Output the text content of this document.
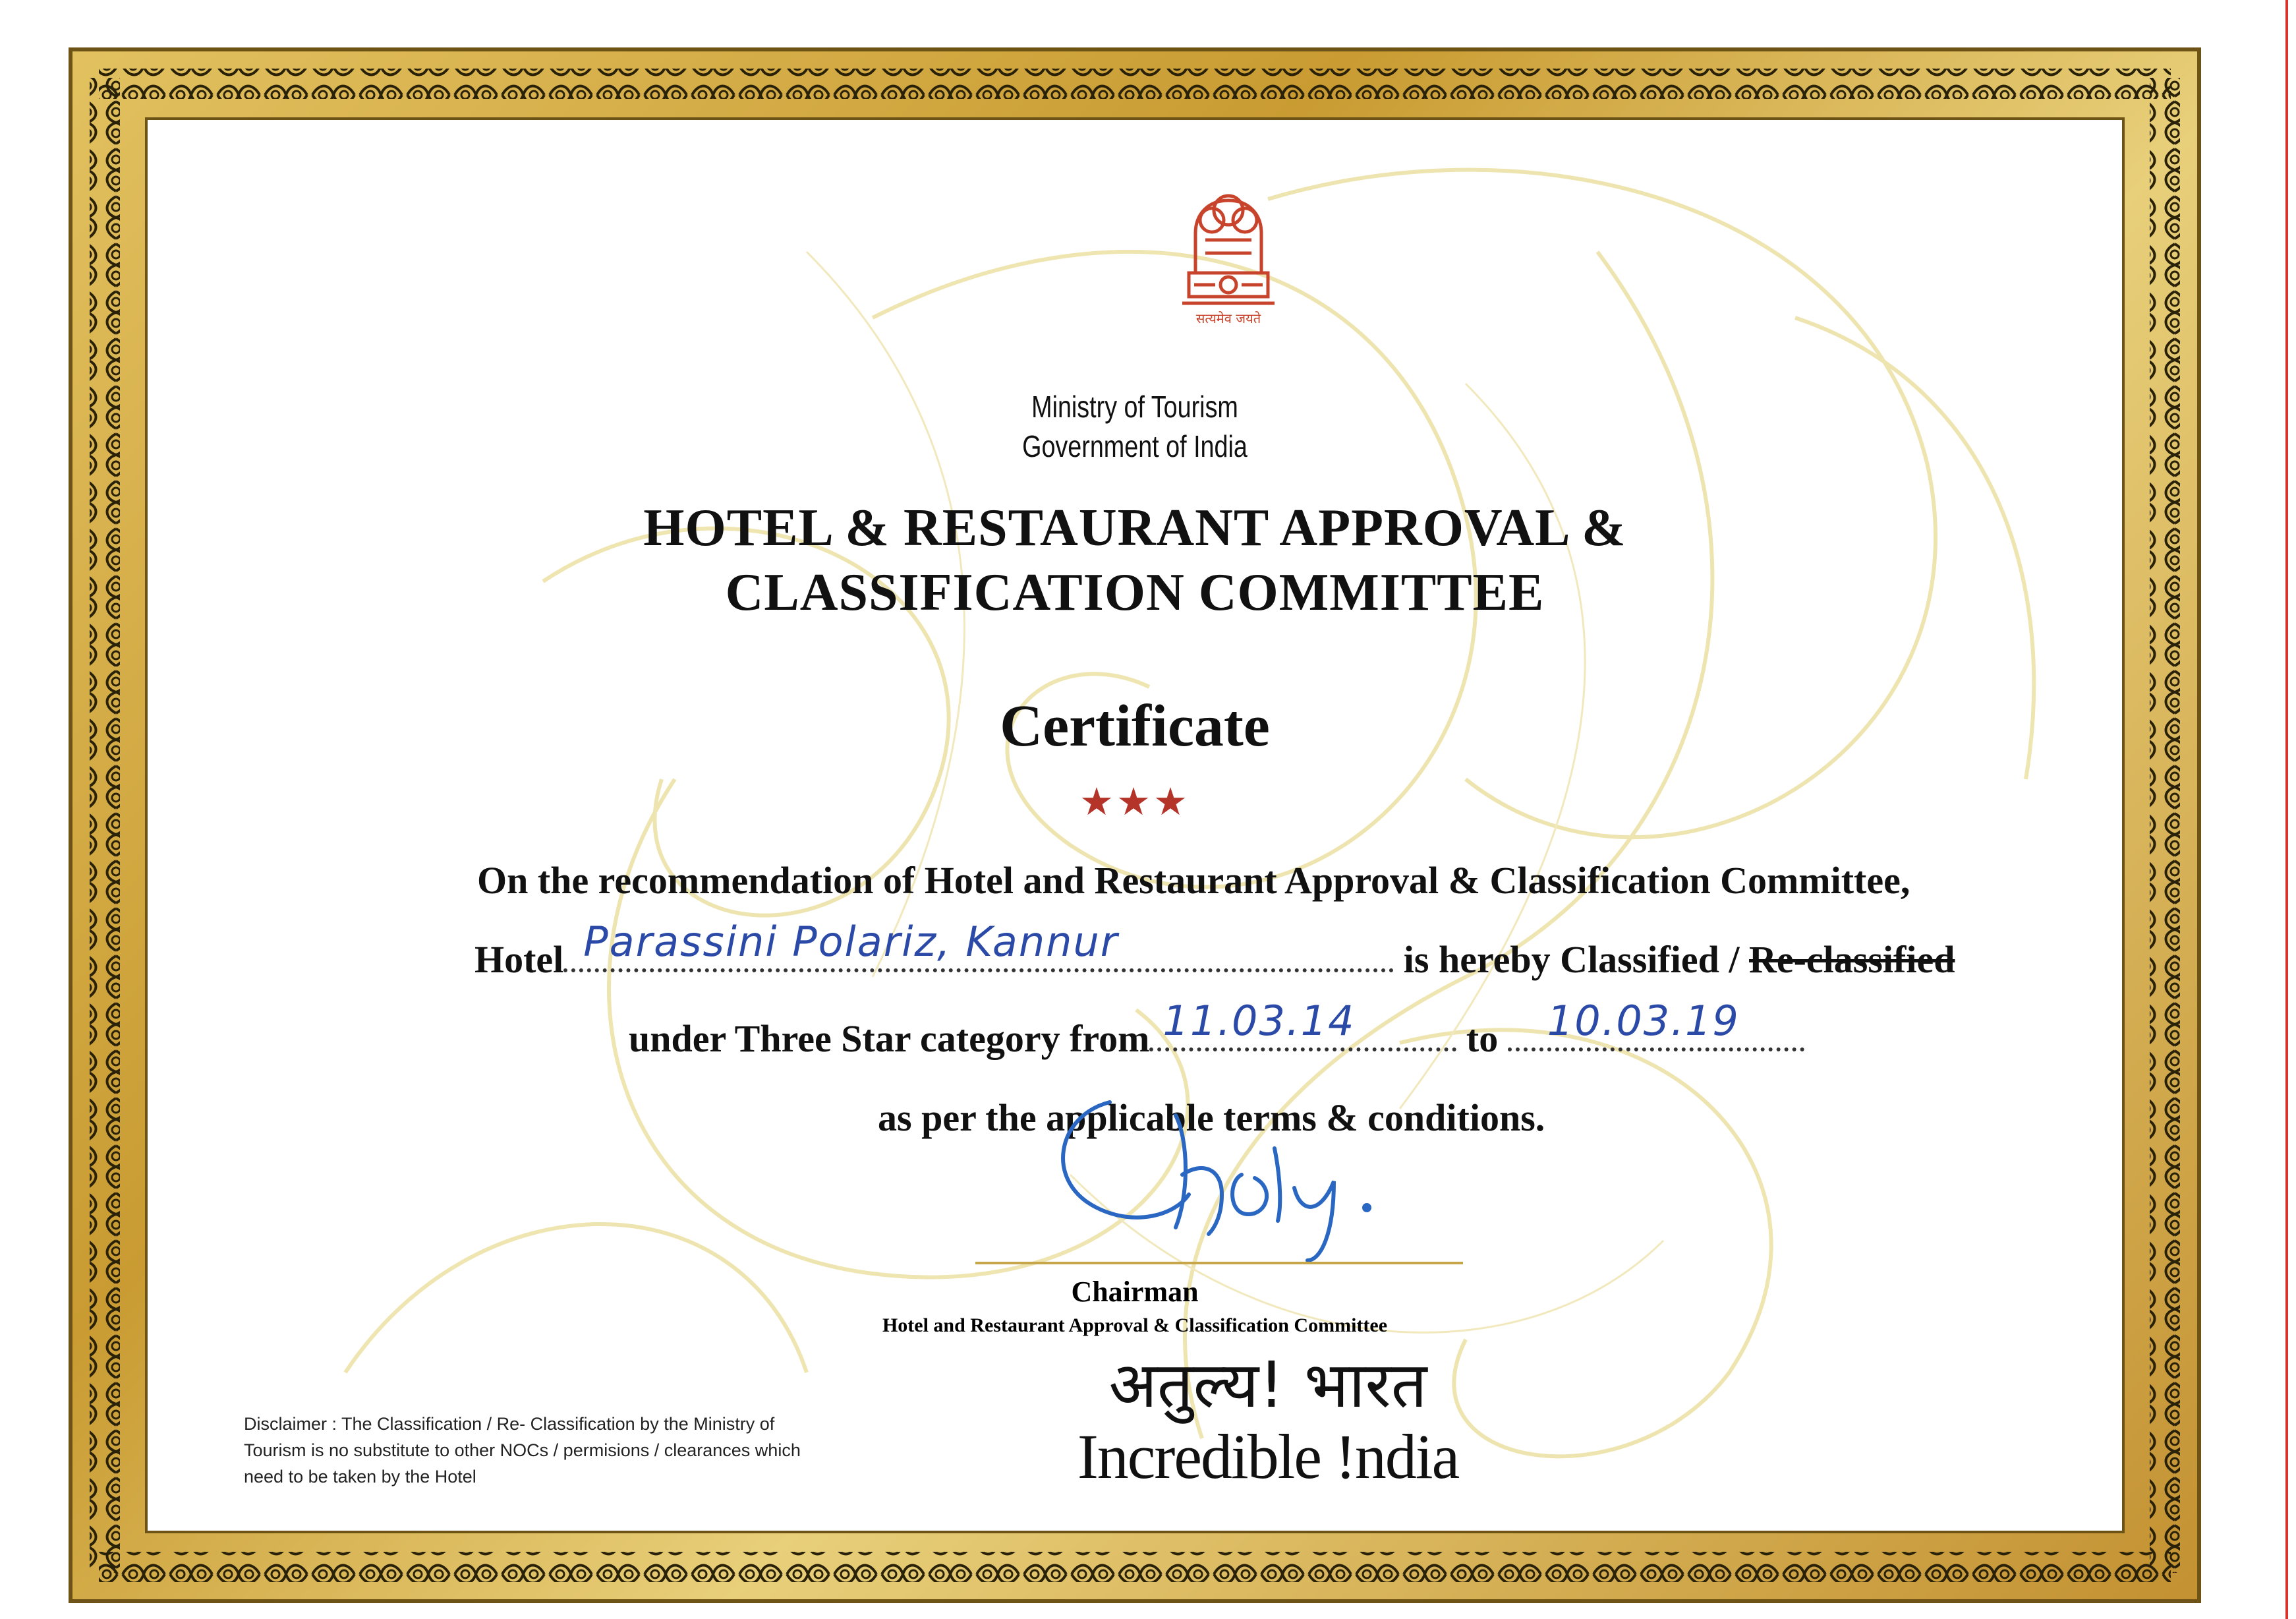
सत्यमेव जयते
Ministry of Tourism
Government of India
HOTEL & RESTAURANT APPROVAL &
CLASSIFICATION COMMITTEE
Certificate
★★★
On the recommendation of Hotel and Restaurant Approval & Classification Committee,
Hotel Parassini Polariz, Kannur	is hereby Classified / Re-classified
under Three Star category from 11.03.14	to 10.03.19
as per the applicable terms & conditions.
Chairman
Hotel and Restaurant Approval & Classification Committee
Disclaimer : The Classification / Re- Classification by the Ministry of
Tourism is no substitute to other NOCs / permisions / clearances which
need to be taken by the Hotel
अतुल्य! भारत
Incredible !ndia
